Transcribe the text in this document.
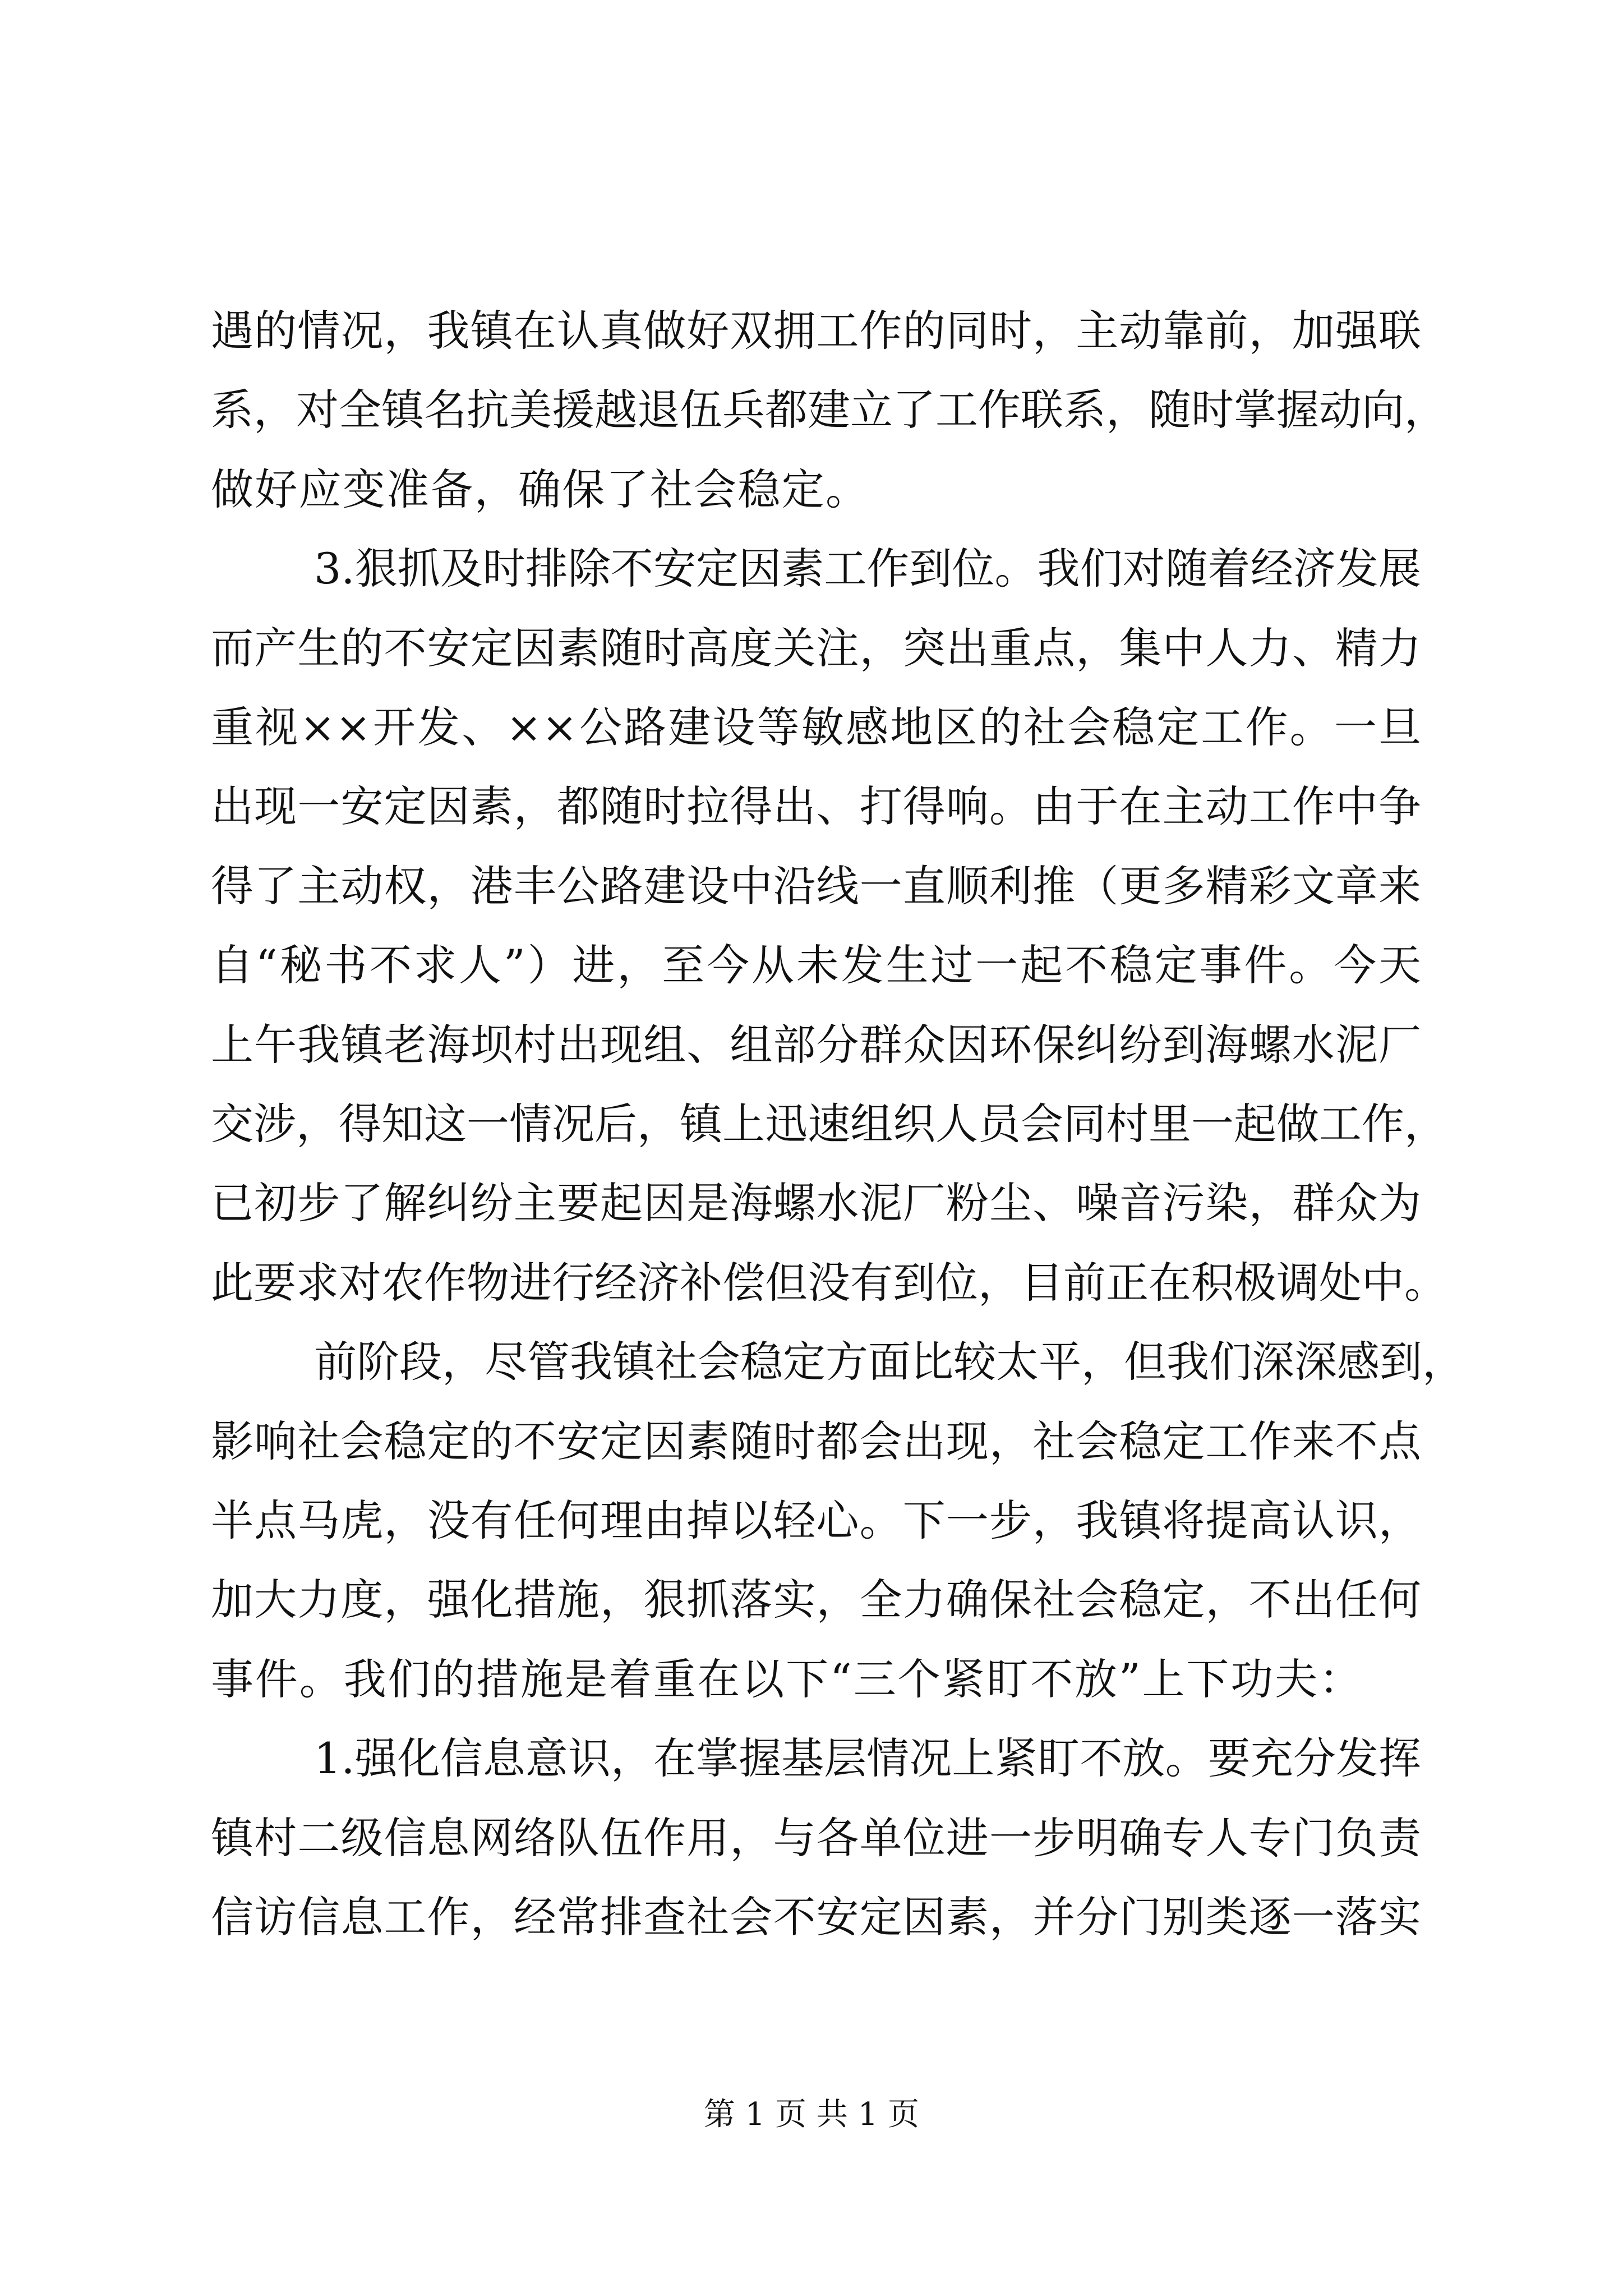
遇的情况，我镇在认真做好双拥工作的同时，主动靠前，加强联
系，对全镇名抗美援越退伍兵都建立了工作联系，随时掌握动向，
做好应变准备，确保了社会稳定。
3.狠抓及时排除不安定因素工作到位。我们对随着经济发展
而产生的不安定因素随时高度关注，突出重点，集中人力、精力
重视××开发、××公路建设等敏感地区的社会稳定工作。一旦
出现一安定因素，都随时拉得出、打得响。由于在主动工作中争
得了主动权，港丰公路建设中沿线一直顺利推（更多精彩文章来
自“秘书不求人”）进，至今从未发生过一起不稳定事件。今天
上午我镇老海坝村出现组、组部分群众因环保纠纷到海螺水泥厂
交涉，得知这一情况后，镇上迅速组织人员会同村里一起做工作，
已初步了解纠纷主要起因是海螺水泥厂粉尘、噪音污染，群众为
此要求对农作物进行经济补偿但没有到位，目前正在积极调处中。
前阶段，尽管我镇社会稳定方面比较太平，但我们深深感到，
影响社会稳定的不安定因素随时都会出现，社会稳定工作来不点
半点马虎，没有任何理由掉以轻心。下一步，我镇将提高认识，
加大力度，强化措施，狠抓落实，全力确保社会稳定，不出任何
事件。我们的措施是着重在以下“三个紧盯不放”上下功夫：
1.强化信息意识，在掌握基层情况上紧盯不放。要充分发挥
镇村二级信息网络队伍作用，与各单位进一步明确专人专门负责
信访信息工作，经常排查社会不安定因素，并分门别类逐一落实
第 1 页 共 1 页
